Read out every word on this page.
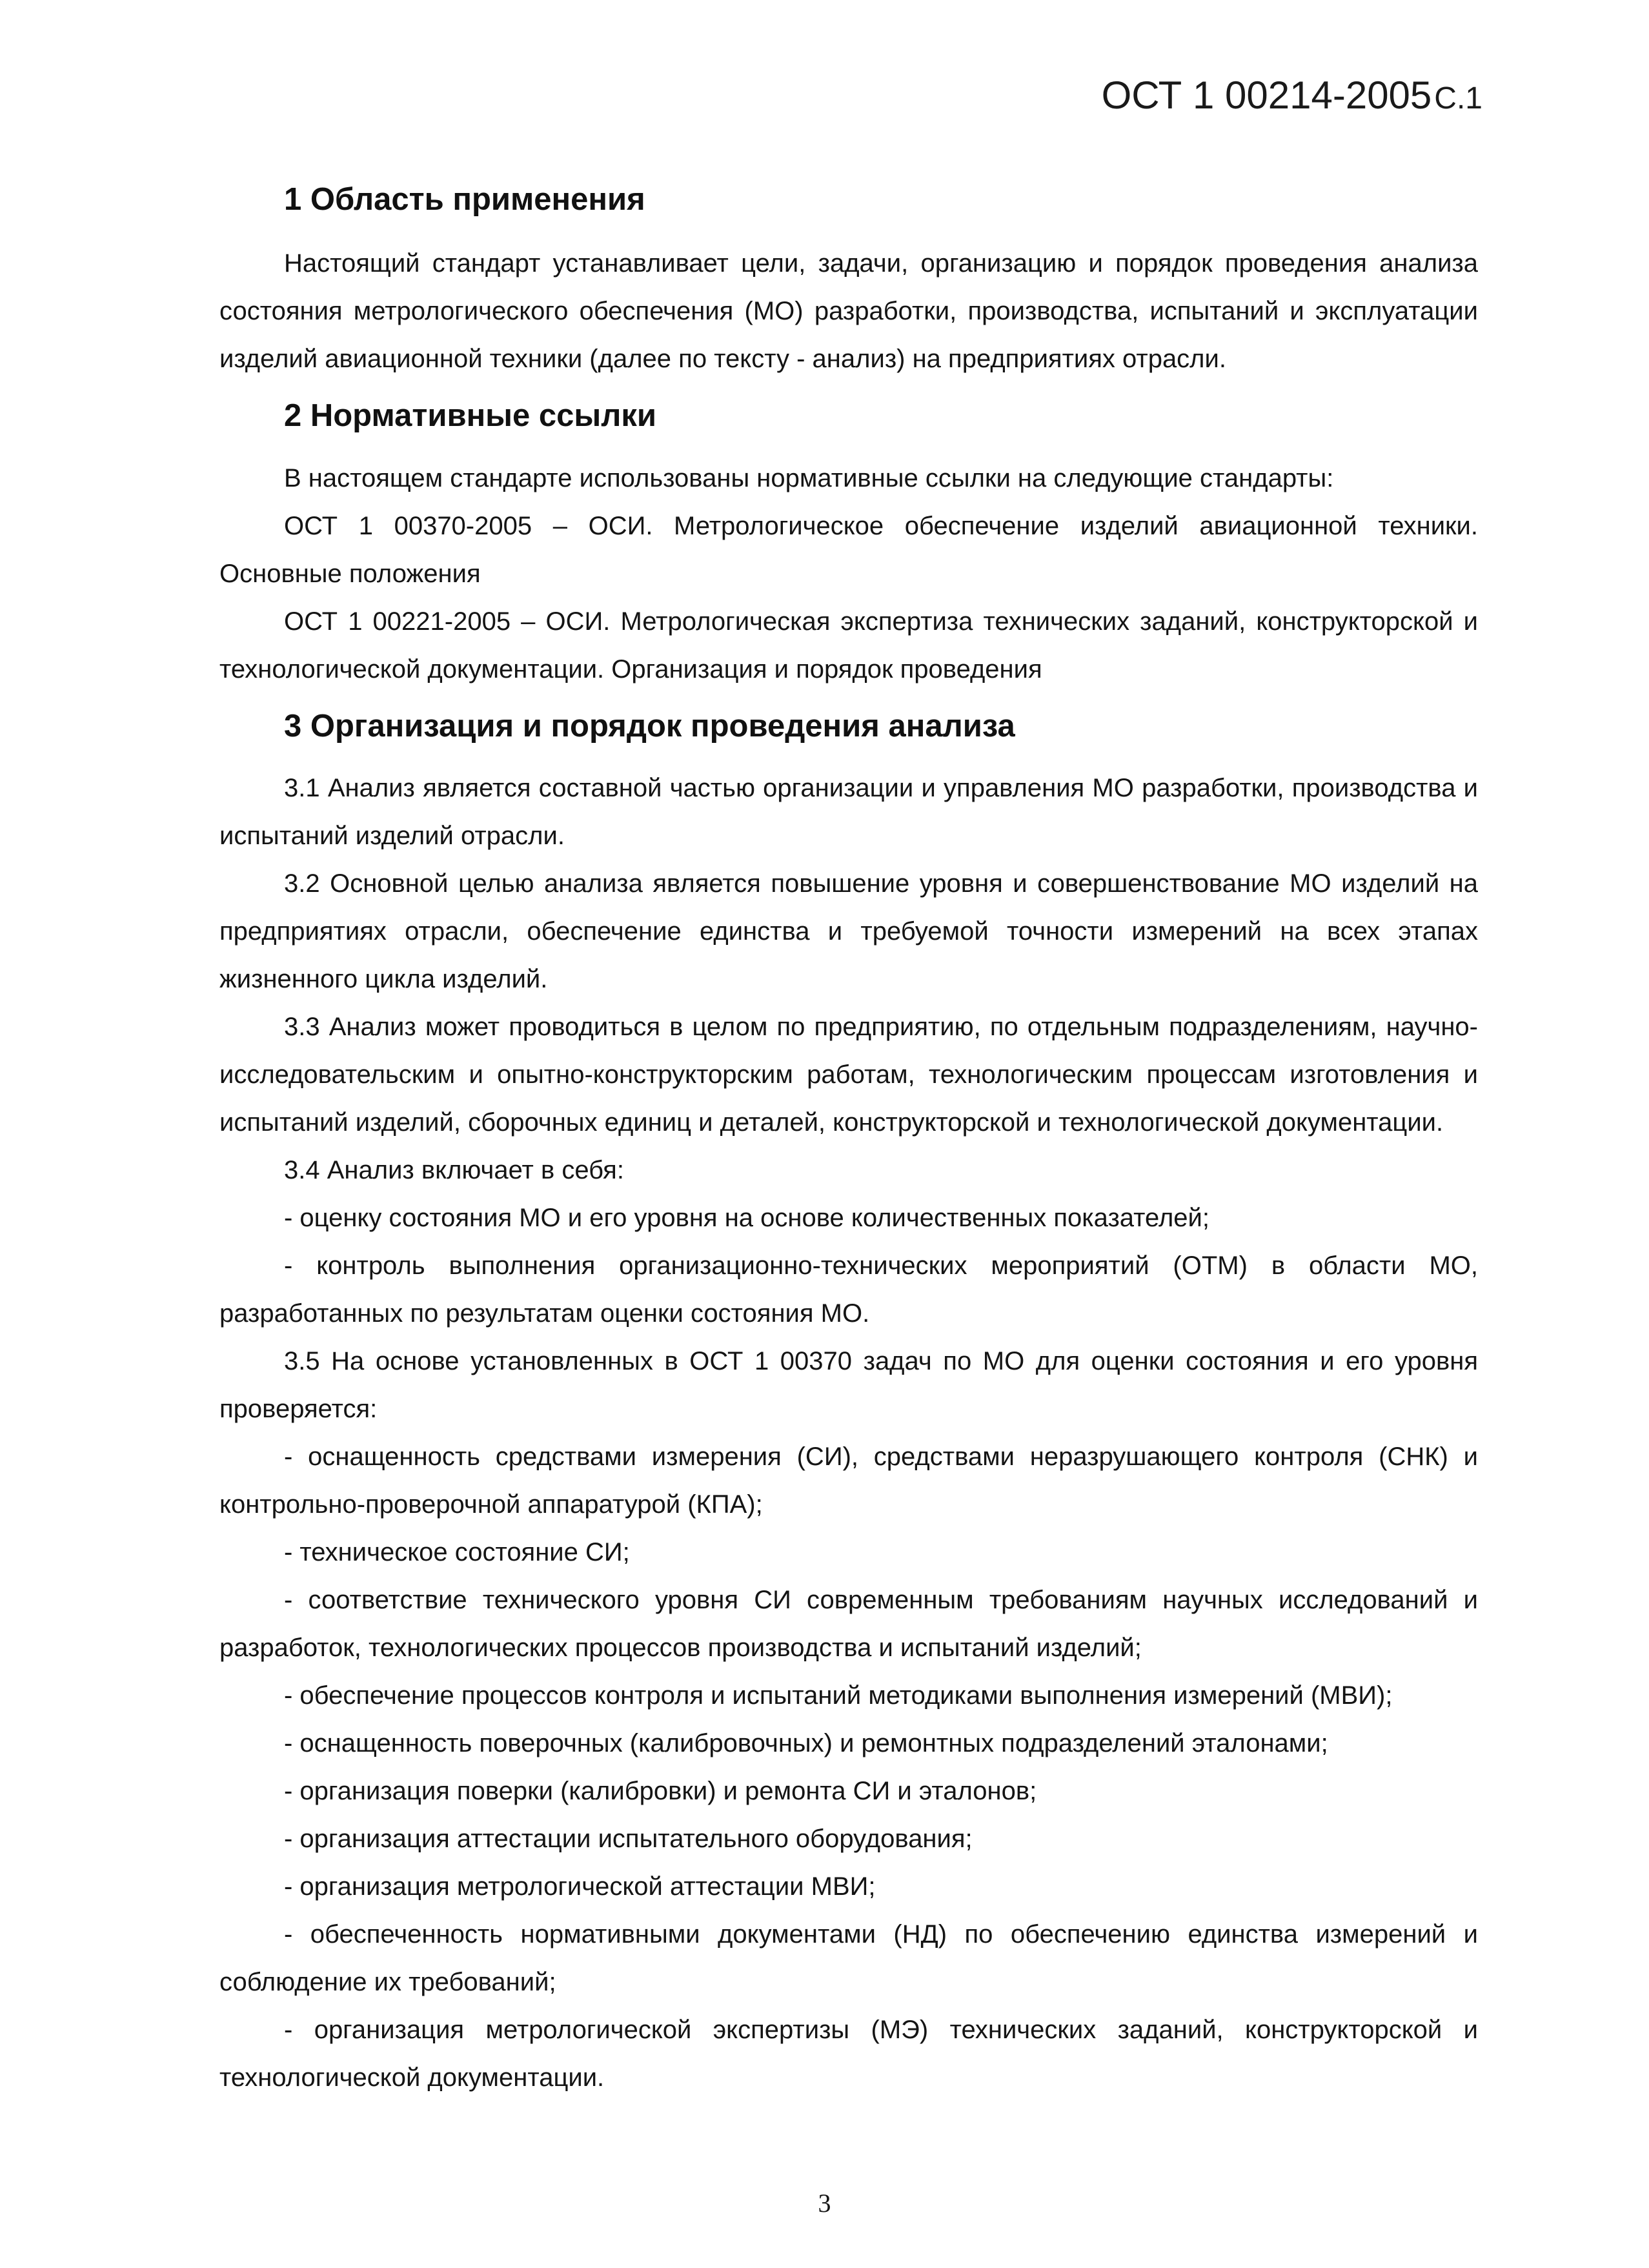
ОСТ 1 00214-2005С.1
1 Область применения

Настоящий стандарт устанавливает цели, задачи, организацию и порядок проведения анализа состояния метрологического обеспечения (МО) разработки, производства, испытаний и эксплуатации изделий авиационной техники (далее по тексту - анализ) на предприятиях отрасли.

2 Нормативные ссылки

В настоящем стандарте использованы нормативные ссылки на следующие стандарты:

ОСТ 1 00370-2005 – ОСИ. Метрологическое обеспечение изделий авиационной техники. Основные положения

ОСТ 1 00221-2005 – ОСИ. Метрологическая экспертиза технических заданий, конструкторской и технологической документации. Организация и порядок проведения

3 Организация и порядок проведения анализа

3.1 Анализ является составной частью организации и управления МО разработки, производства и испытаний изделий отрасли.

3.2 Основной целью анализа является повышение уровня и совершенствование МО изделий на предприятиях отрасли, обеспечение единства и требуемой точности измерений на всех этапах жизненного цикла изделий.

3.3 Анализ может проводиться в целом по предприятию, по отдельным подразделениям, научно-исследовательским и опытно-конструкторским работам, технологическим процессам изготовления и испытаний изделий, сборочных единиц и деталей, конструкторской и технологической документации.

3.4 Анализ включает в себя:

- оценку состояния МО и его уровня на основе количественных показателей;

- контроль выполнения организационно-технических мероприятий (ОТМ) в области МО, разработанных по результатам оценки состояния МО.

3.5 На основе установленных в ОСТ 1 00370 задач по МО для оценки состояния и его уровня проверяется:

- оснащенность средствами измерения (СИ), средствами неразрушающего контроля (СНК) и контрольно-проверочной аппаратурой (КПА);

- техническое состояние СИ;

- соответствие технического уровня СИ современным требованиям научных исследований и разработок, технологических процессов производства и испытаний изделий;

- обеспечение процессов контроля и испытаний методиками выполнения измерений (МВИ);

- оснащенность поверочных (калибровочных) и ремонтных подразделений эталонами;

- организация поверки (калибровки) и ремонта СИ и эталонов;

- организация аттестации испытательного оборудования;

- организация метрологической аттестации МВИ;

- обеспеченность нормативными документами (НД) по обеспечению единства измерений и соблюдение их требований;

- организация метрологической экспертизы (МЭ) технических заданий, конструкторской и технологической документации.

3
